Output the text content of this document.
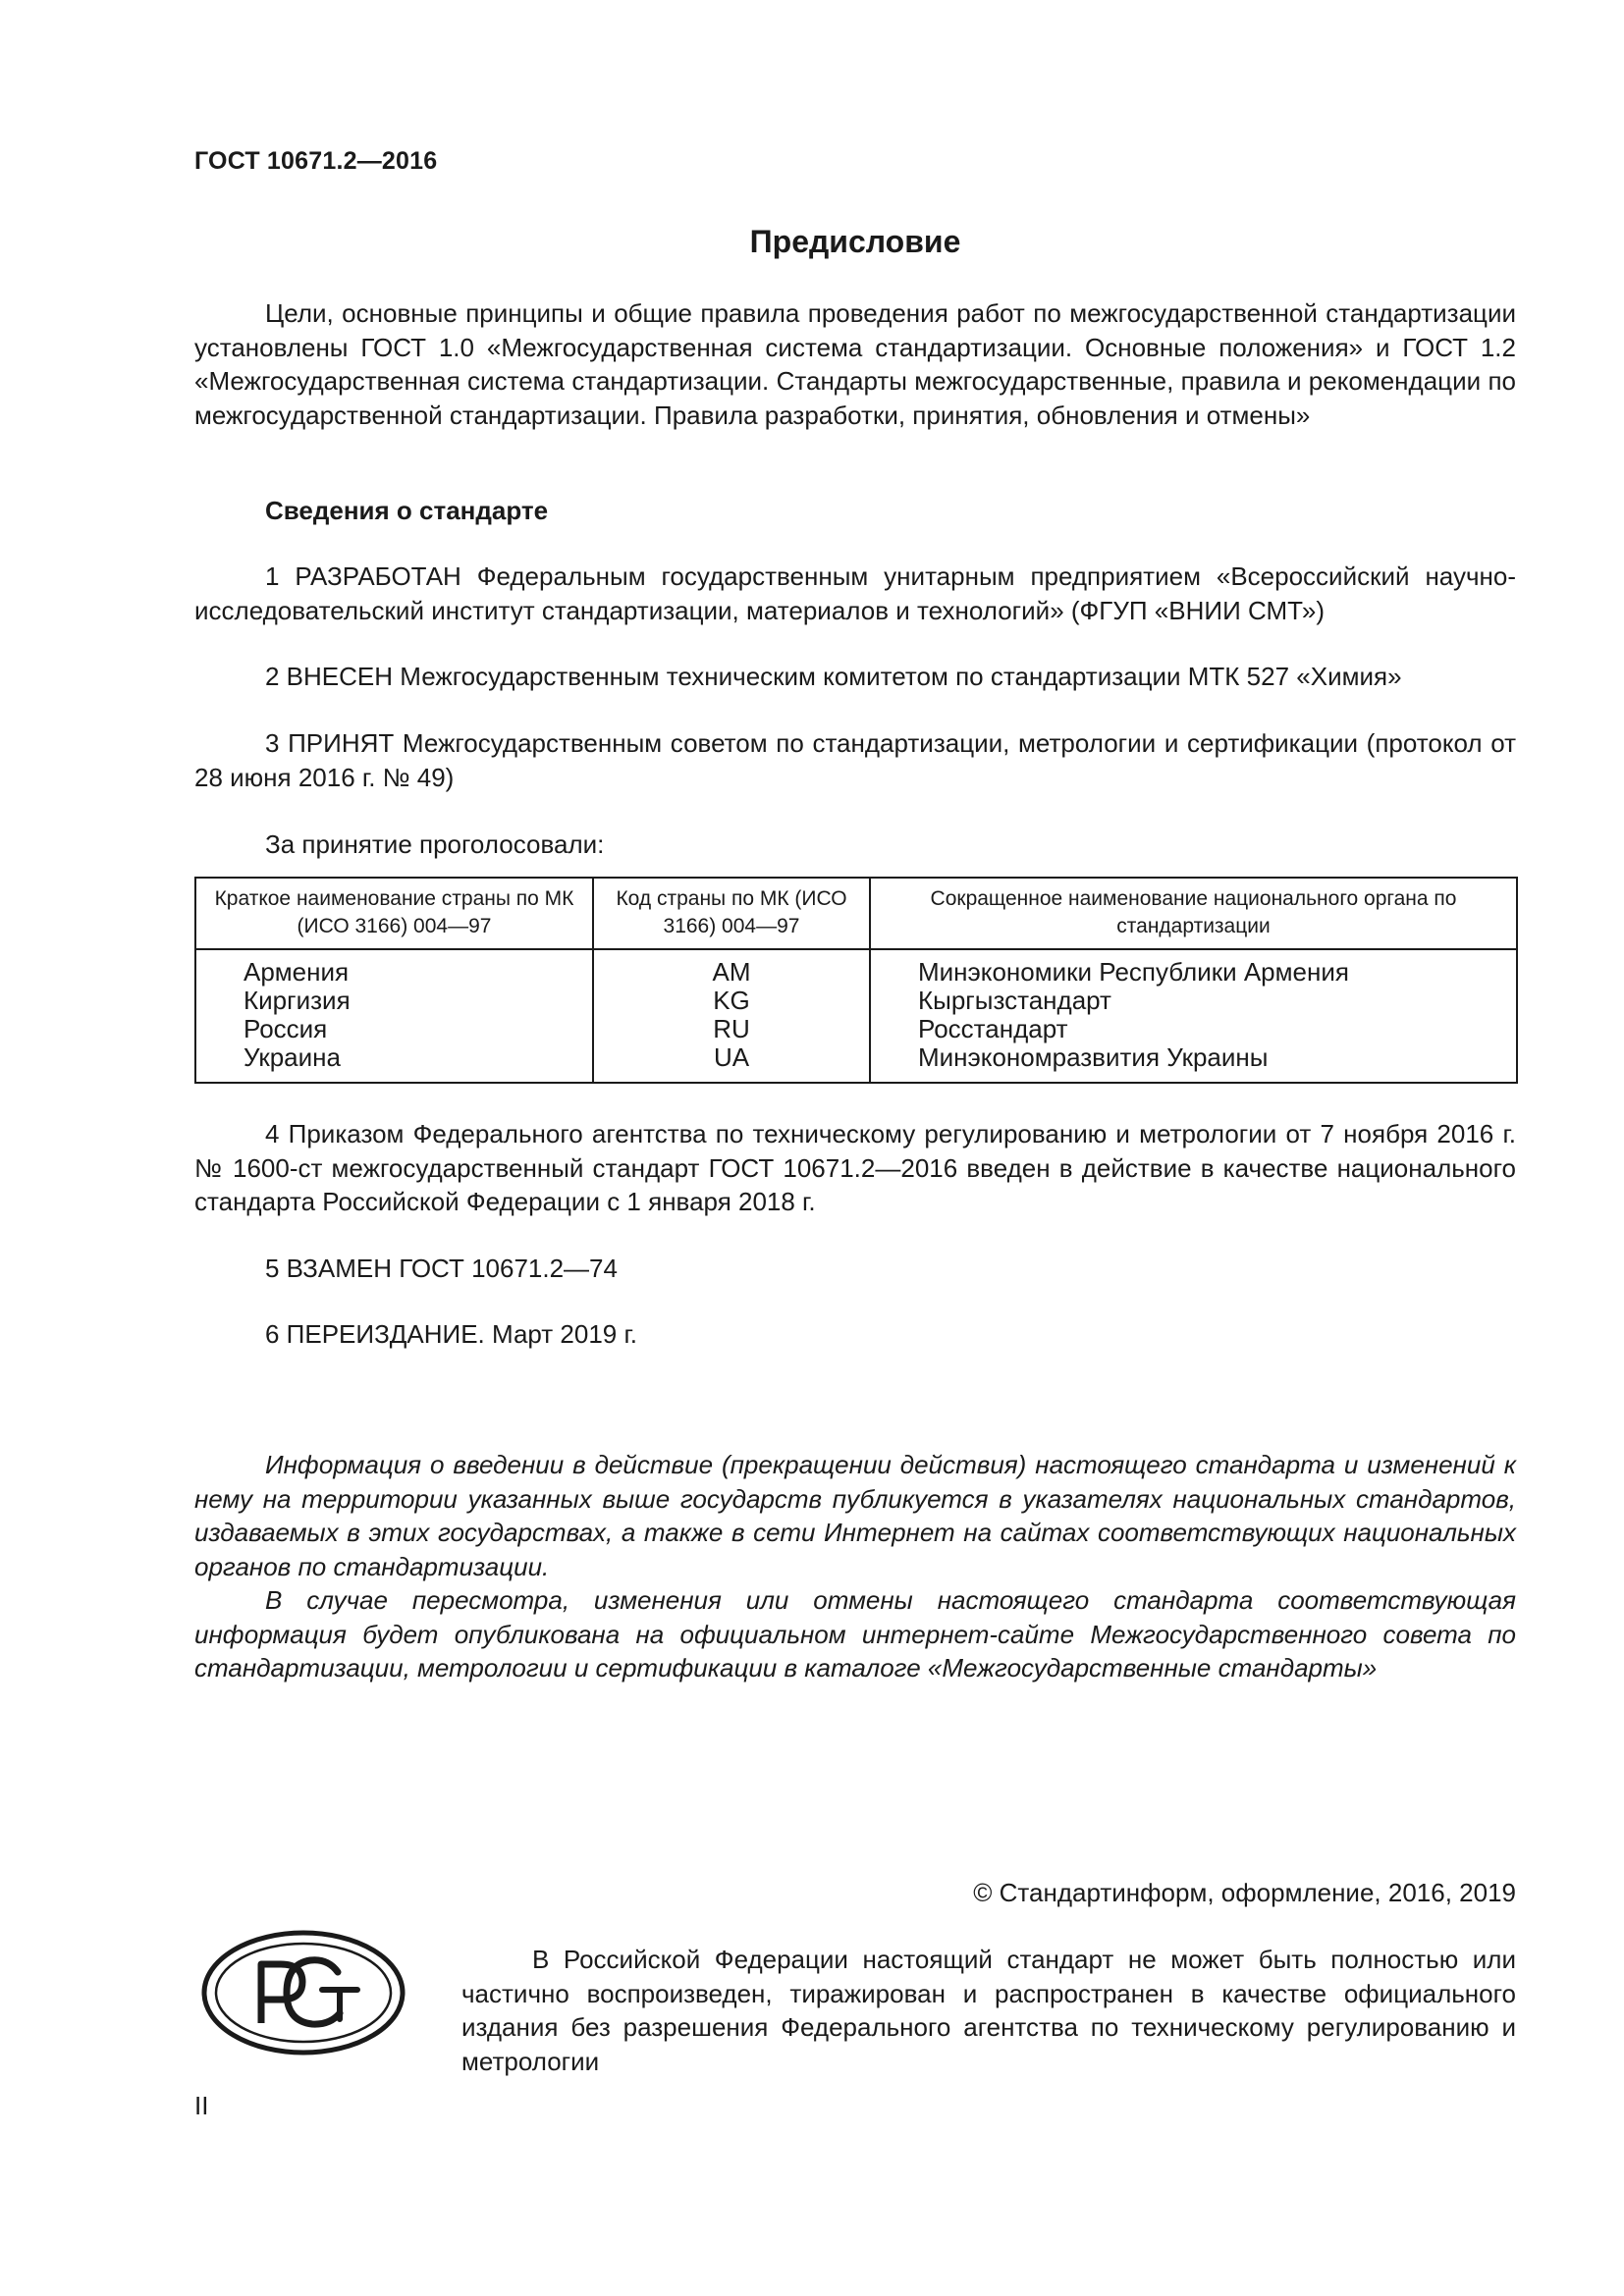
ГОСТ 10671.2—2016
Предисловие

Цели, основные принципы и общие правила проведения работ по межгосударственной стандартизации установлены ГОСТ 1.0 «Межгосударственная система стандартизации. Основные положения» и ГОСТ 1.2 «Межгосударственная система стандартизации. Стандарты межгосударственные, правила и рекомендации по межгосударственной стандартизации. Правила разработки, принятия, обновления и отмены»

Сведения о стандарте

1 РАЗРАБОТАН Федеральным государственным унитарным предприятием «Всероссийский научно-исследовательский институт стандартизации, материалов и технологий» (ФГУП «ВНИИ СМТ»)

2 ВНЕСЕН Межгосударственным техническим комитетом по стандартизации МТК 527 «Химия»

3 ПРИНЯТ Межгосударственным советом по стандартизации, метрологии и сертификации (протокол от 28 июня 2016 г. № 49)

За принятие проголосовали:

Краткое наименование страны по МК (ИСО 3166) 004—97	Код страны по МК (ИСО 3166) 004—97	Сокращенное наименование национального органа по стандартизации
Армения	AM	Минэкономики Республики Армения
Киргизия	KG	Кыргызстандарт
Россия	RU	Росстандарт
Украина	UA	Минэкономразвития Украины

4 Приказом Федерального агентства по техническому регулированию и метрологии от 7 ноября 2016 г. № 1600-ст межгосударственный стандарт ГОСТ 10671.2—2016 введен в действие в качестве национального стандарта Российской Федерации с 1 января 2018 г.

5 ВЗАМЕН ГОСТ 10671.2—74

6 ПЕРЕИЗДАНИЕ. Март 2019 г.

Информация о введении в действие (прекращении действия) настоящего стандарта и изменений к нему на территории указанных выше государств публикуется в указателях национальных стандартов, издаваемых в этих государствах, а также в сети Интернет на сайтах соответствующих национальных органов по стандартизации.

В случае пересмотра, изменения или отмены настоящего стандарта соответствующая информация будет опубликована на официальном интернет-сайте Межгосударственного совета по стандартизации, метрологии и сертификации в каталоге «Межгосударственные стандарты»

© Стандартинформ, оформление, 2016, 2019

В Российской Федерации настоящий стандарт не может быть полностью или частично воспроизведен, тиражирован и распространен в качестве официального издания без разрешения Федерального агентства по техническому регулированию и метрологии

II
